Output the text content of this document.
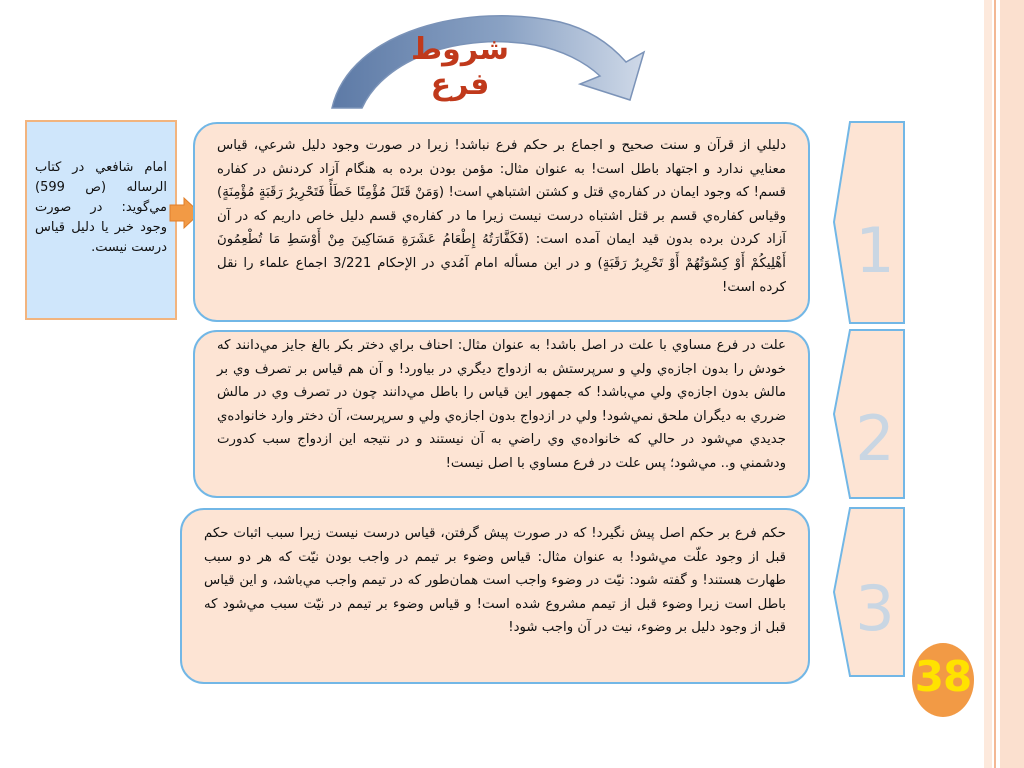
شروط فرع
امام شافعي در كتاب الرساله (ص 599) مي‌گويد: در صورت وجود خبر يا دليل قياس درست نيست.

دليلي از قرآن و سنت صحيح و اجماع بر حكم فرع نباشد! زيرا در صورت وجود دليل شرعي، قياس معنايي ندارد و اجتهاد باطل است! به عنوان مثال: مؤمن بودن برده به هنگام آزاد كردنش در كفاره قسم! كه وجود ايمان در كفاره‌ي قتل و كشتن اشتباهي است! (وَمَنْ قَتَلَ مُؤْمِنًا خَطَأً فَتَحْرِيرُ رَقَبَةٍ مُؤْمِنَةٍ) وقياس كفاره‌ي قسم بر قتل اشتباه درست نيست زيرا ما در كفاره‌ي قسم دليل خاص داريم كه در آن آزاد كردن برده بدون قيد ايمان آمده است: (فَكَفَّارَتُهُ إِطْعَامُ عَشَرَةِ مَسَاكِينَ مِنْ أَوْسَطِ مَا تُطْعِمُونَ أَهْلِيكُمْ أَوْ كِسْوَتُهُمْ أَوْ تَحْرِيرُ رَقَبَةٍ) و در اين مسأله امام آمُدي در الإحكام 3/221 اجماع علماء را نقل كرده است!

1

علت در فرع مساوي با علت در اصل باشد! به عنوان مثال: احناف براي دختر بكر بالغ جايز مي‌دانند كه خودش را بدون اجازه‌ي ولي و سرپرستش به ازدواج ديگري در بياورد! و آن هم قياس بر تصرف وي بر مالش بدون اجازه‌ي ولي مي‌باشد! كه جمهور اين قياس را باطل مي‌دانند چون در تصرف وي در مالش ضرري به ديگران ملحق نمي‌شود! ولي در ازدواج بدون اجازه‌ي ولي و سرپرست، آن دختر وارد خانواده‌ي جديدي مي‌شود در حالي كه خانواده‌ي وي راضي به آن نيستند و در نتيجه اين ازدواج سبب كدورت ودشمني و.. مي‌شود؛ پس علت در فرع مساوي با اصل نيست! 2

حكم فرع بر حكم اصل پيش نگيرد! كه در صورت پيش گرفتن، قياس درست نيست زيرا سبب اثبات حكم قبل از وجود علّت مي‌شود! به عنوان مثال: قياس وضوء بر تيمم در واجب بودن نيّت كه هر دو سبب طهارت هستند! و گفته شود: نيّت در وضوء واجب است همان‌طور كه در تيمم واجب مي‌باشد، و اين قياس باطل است زيرا وضوء قبل از تيمم مشروع شده است! و قياس وضوء بر تيمم در نيّت سبب مي‌شود كه قبل از وجود دليل بر وضوء، نيت در آن واجب شود! 3
38
